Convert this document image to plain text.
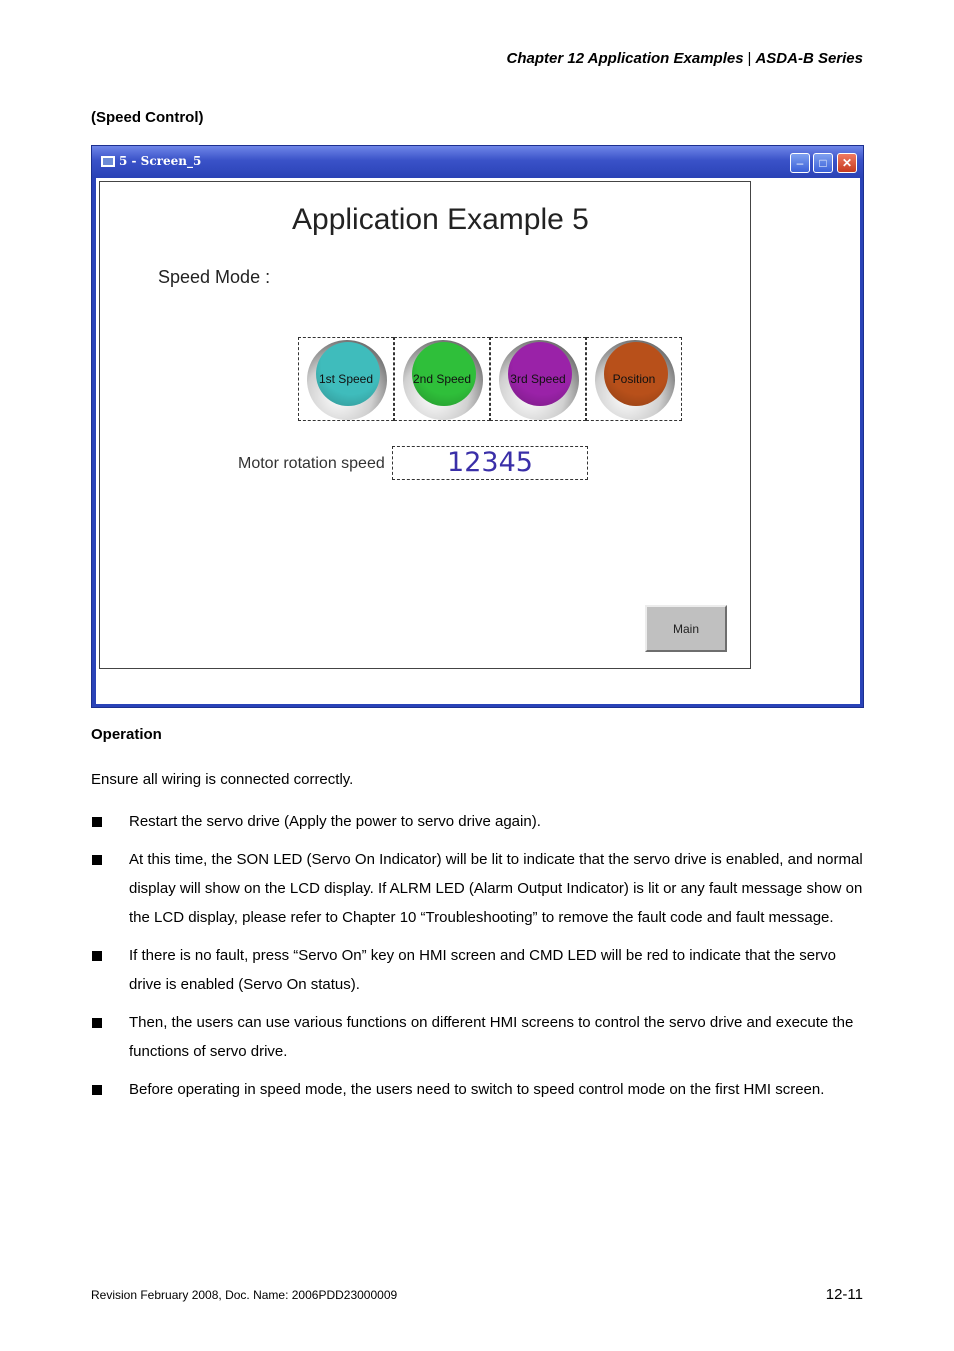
Chapter 12 Application Examples | ASDA-B Series
(Speed Control)
5 - Screen_5	–	□	✕
Application Example 5
Speed Mode :
1st Speed	2nd Speed	3rd Speed	Position
Motor rotation speed	12345
Main
Operation
Ensure all wiring is connected correctly.
Restart the servo drive (Apply the power to servo drive again).
At this time, the SON LED (Servo On Indicator) will be lit to indicate that the servo drive is enabled, and normal display will show on the LCD display. If ALRM LED (Alarm Output Indicator) is lit or any fault message show on the LCD display, please refer to Chapter 10 “Troubleshooting” to remove the fault code and fault message.
If there is no fault, press “Servo On” key on HMI screen and CMD LED will be red to indicate that the servo drive is enabled (Servo On status).
Then, the users can use various functions on different HMI screens to control the servo drive and execute the functions of servo drive.
Before operating in speed mode, the users need to switch to speed control mode on the first HMI screen.
Revision February 2008, Doc. Name: 2006PDD23000009	12-11
